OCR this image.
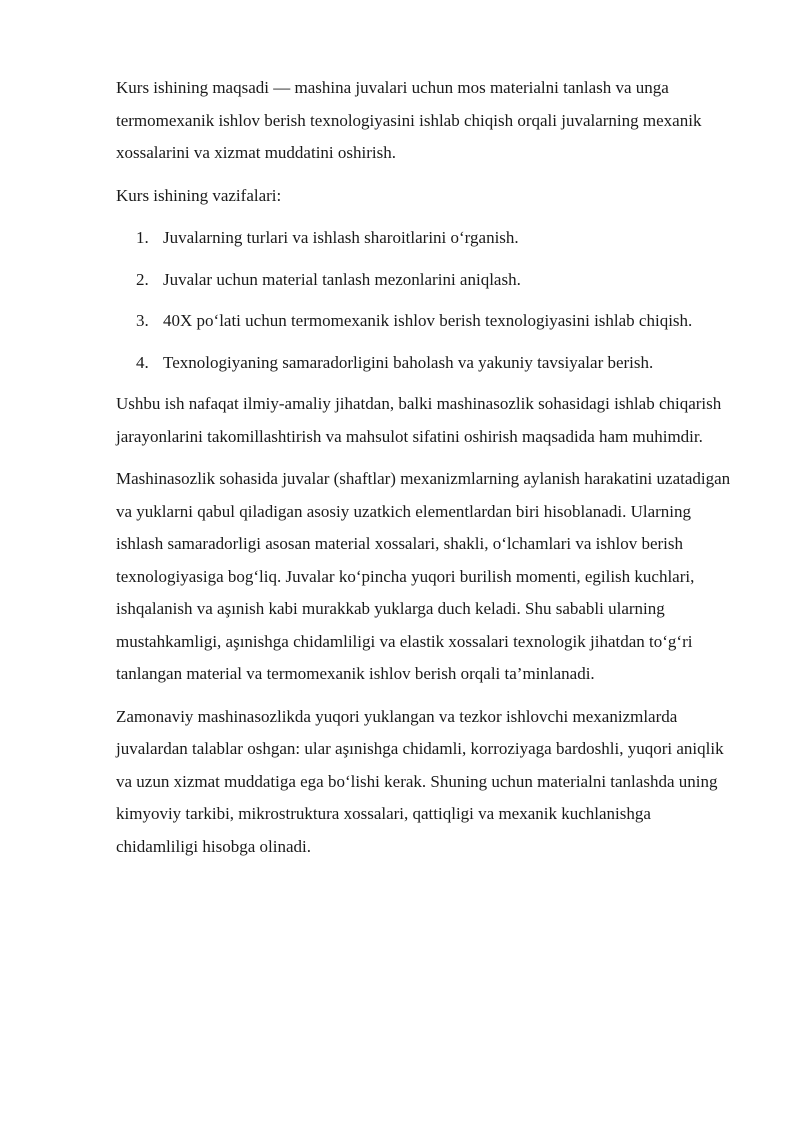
Kurs ishining maqsadi — mashina juvalari uchun mos materialni tanlash va unga termomexanik ishlov berish texnologiyasini ishlab chiqish orqali juvalarning mexanik xossalarini va xizmat muddatini oshirish.

Kurs ishining vazifalari:

1. Juvalarning turlari va ishlash sharoitlarini o‘rganish.
2. Juvalar uchun material tanlash mezonlarini aniqlash.
3. 40X po‘lati uchun termomexanik ishlov berish texnologiyasini ishlab chiqish.
4. Texnologiyaning samaradorligini baholash va yakuniy tavsiyalar berish.

Ushbu ish nafaqat ilmiy-amaliy jihatdan, balki mashinasozlik sohasidagi ishlab chiqarish jarayonlarini takomillashtirish va mahsulot sifatini oshirish maqsadida ham muhimdir.

Mashinasozlik sohasida juvalar (shaftlar) mexanizmlarning aylanish harakatini uzatadigan va yuklarni qabul qiladigan asosiy uzatkich elementlardan biri hisoblanadi. Ularning ishlash samaradorligi asosan material xossalari, shakli, o‘lchamlari va ishlov berish texnologiyasiga bog‘liq. Juvalar ko‘pincha yuqori burilish momenti, egilish kuchlari, ishqalanish va aşınish kabi murakkab yuklarga duch keladi. Shu sababli ularning mustahkamligi, aşınishga chidamliligi va elastik xossalari texnologik jihatdan to‘g‘ri tanlangan material va termomexanik ishlov berish orqali ta’minlanadi.

Zamonaviy mashinasozlikda yuqori yuklangan va tezkor ishlovchi mexanizmlarda juvalardan talablar oshgan: ular aşınishga chidamli, korroziyaga bardoshli, yuqori aniqlik va uzun xizmat muddatiga ega bo‘lishi kerak. Shuning uchun materialni tanlashda uning kimyoviy tarkibi, mikrostruktura xossalari, qattiqligi va mexanik kuchlanishga chidamliligi hisobga olinadi.
